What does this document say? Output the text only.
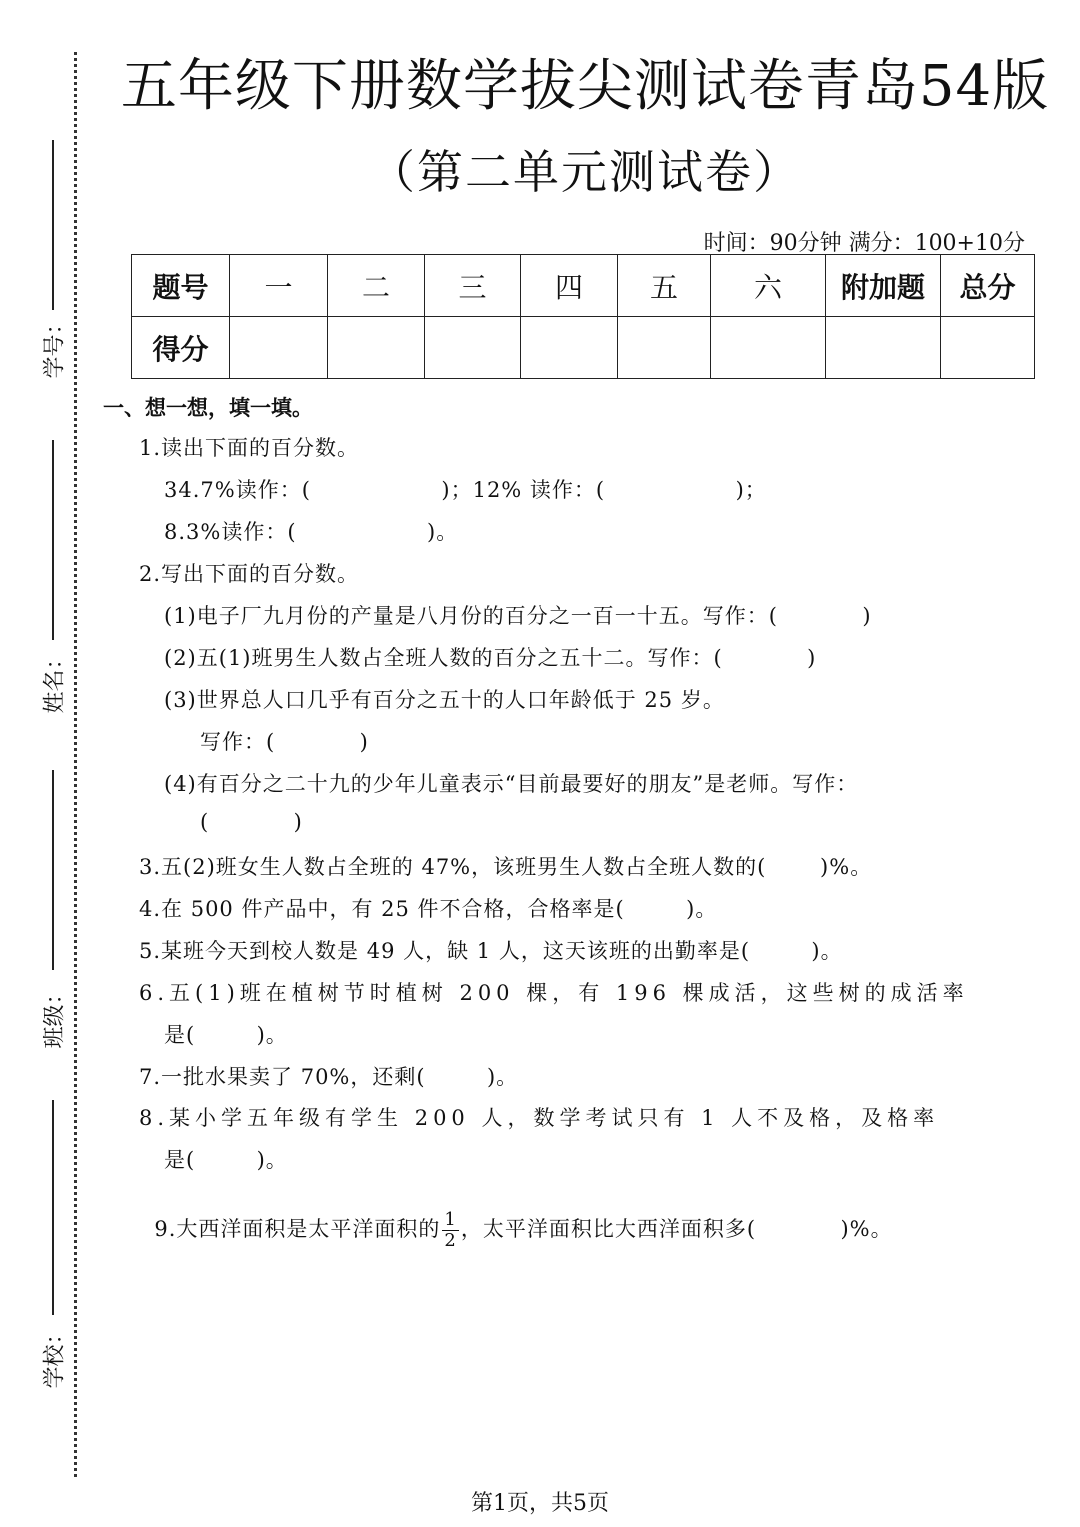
学号：
姓名：
班级：
学校：
五年级下册数学拔尖测试卷青岛54版
（第二单元测试卷）
时间：90分钟 满分：100+10分
题号	一	二	三	四	五	六	附加题	总分
得分								
一、想一想，填一填。
1.读出下面的百分数。
34.7%读作：(                 )；12% 读作：(                 )；
8.3%读作：(                 )。
2.写出下面的百分数。
(1)电子厂九月份的产量是八月份的百分之一百一十五。写作：(           )
(2)五(1)班男生人数占全班人数的百分之五十二。写作：(           )
(3)世界总人口几乎有百分之五十的人口年龄低于 25 岁。
写作：(           )
(4)有百分之二十九的少年儿童表示“目前最要好的朋友”是老师。写作：
(           )
3.五(2)班女生人数占全班的 47%，该班男生人数占全班人数的(       )%。
4.在 500 件产品中，有 25 件不合格，合格率是(        )。
5.某班今天到校人数是 49 人，缺 1 人，这天该班的出勤率是(        )。
6.五(1)班在植树节时植树 200 棵，有 196 棵成活，这些树的成活率
是(        )。
7.一批水果卖了 70%，还剩(        )。
8.某小学五年级有学生 200 人，数学考试只有 1 人不及格，及格率
是(        )。

9.大西洋面积是太平洋面积的 $\frac{1}{2}$ ，太平洋面积比大西洋面积多(           )%。

第1页，共5页
